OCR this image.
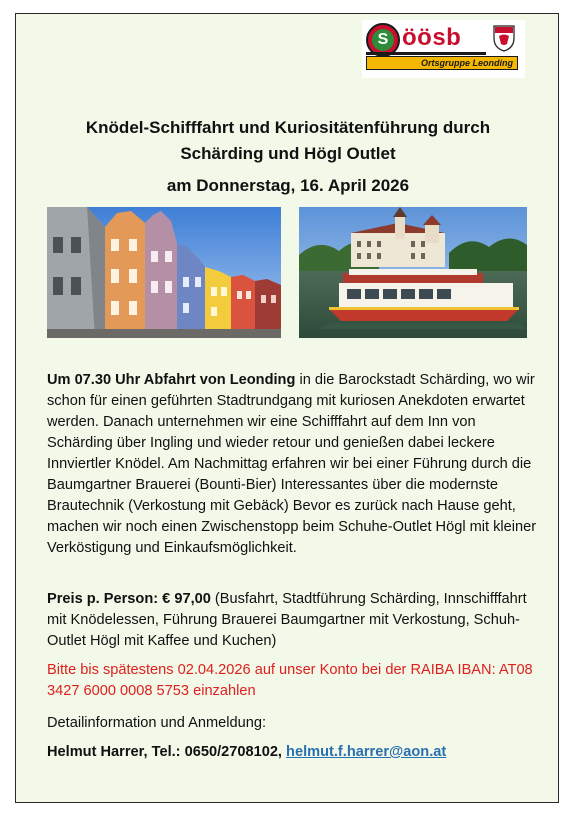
S öösb
Ortsgruppe Leonding
Knödel-Schifffahrt und Kuriositätenführung durch
Schärding und Högl Outlet
am Donnerstag, 16. April 2026
Um 07.30 Uhr Abfahrt von Leonding in die Barockstadt Schärding, wo wir schon für einen geführten Stadtrundgang mit kuriosen Anekdoten erwartet werden. Danach unternehmen wir eine Schifffahrt auf dem Inn von Schärding über Ingling und wieder retour und genießen dabei leckere Innviertler Knödel. Am Nachmittag erfahren wir bei einer Führung durch die Baumgartner Brauerei (Bounti-Bier) Interessantes über die modernste Brautechnik (Verkostung mit Gebäck) Bevor es zurück nach Hause geht, machen wir noch einen Zwischenstopp beim Schuhe-Outlet Högl mit kleiner Verköstigung und Einkaufsmöglichkeit.
Preis p. Person: € 97,00 (Busfahrt, Stadtführung Schärding, Innschifffahrt mit Knödelessen, Führung Brauerei Baumgartner mit Verkostung, Schuh-Outlet Högl mit Kaffee und Kuchen)
Bitte bis spätestens 02.04.2026 auf unser Konto bei der RAIBA IBAN: AT08 3427 6000 0008 5753 einzahlen
Detailinformation und Anmeldung:
Helmut Harrer, Tel.: 0650/2708102, helmut.f.harrer@aon.at
